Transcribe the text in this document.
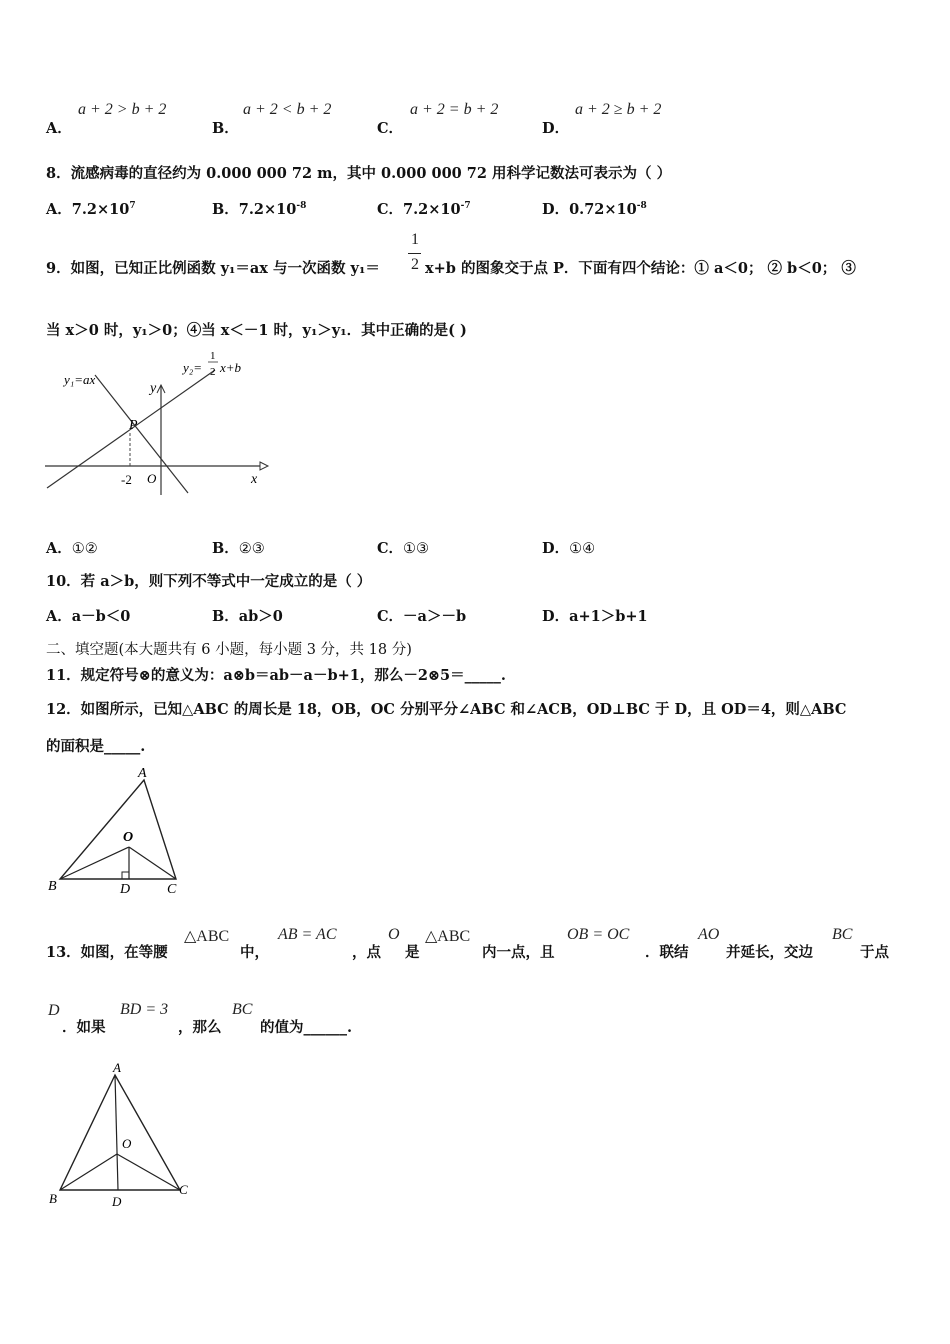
A．
a + 2 > b + 2
B．
a + 2 < b + 2
C．
a + 2 = b + 2
D．
a + 2 ≥ b + 2
8．流感病毒的直径约为 0.000 000 72 m，其中 0.000 000 72 用科学记数法可表示为（ ）
A．$7.2\times 10^7$	B．$7.2\times 10^{-8}$	C．$7.2\times 10^{-7}$	D．$0.72\times 10^{-8}$
9．如图，已知正比例函数 y₁＝ax 与一次函数 y₁＝
1
2 x+b 的图象交于点 P．下面有四个结论：① a＜0； ② b＜0； ③
当 x＞0 时，y₁＞0；④当 x＜－1 时，y₁＞y₁．其中正确的是( )
y₁=ax
y₂=
1
2 x+b
y
x
P
O
-2
A．①②	B．②③	C．①③	D．①④
10．若 a＞b，则下列不等式中一定成立的是（ ）
A．a－b＜0	B．ab＞0	C．－a＞－b	D．a+1＞b+1
二、填空题(本大题共有 6 小题，每小题 3 分，共 18 分)
11．规定符号⊗的意义为：a⊗b＝ab－a－b+1，那么－2⊗5＝_____.
12．如图所示，已知△ABC 的周长是 18，OB，OC 分别平分∠ABC 和∠ACB，OD⊥BC 于 D，且 OD＝4，则△ABC
的面积是_____.
A
B	C
D
O
13．如图，在等腰
△ABC
中，
AB = AC
，点
O
是
△ABC
内一点，且
OB = OC
．联结
AO
并延长，交边
BC
于点
D
．如果
BD = 3
，那么
BC
的值为______.
A
B
C
D
O
